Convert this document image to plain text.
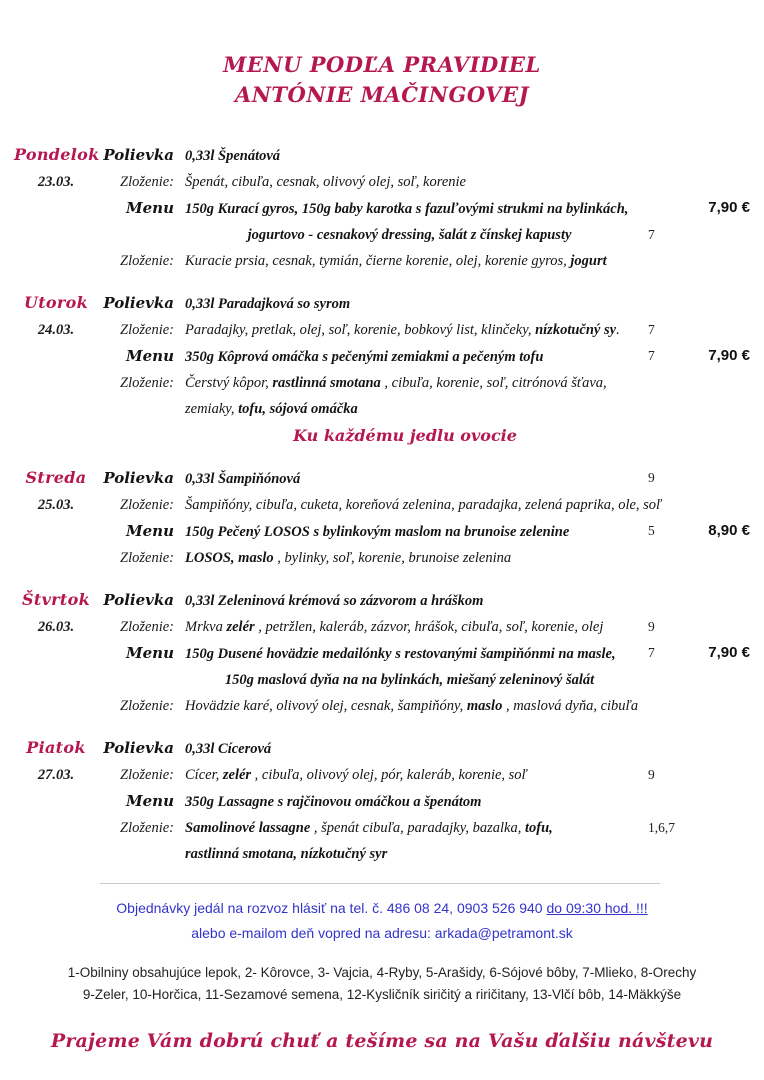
MENU PODĽA PRAVIDIEL
ANTÓNIE MAČINGOVEJ
Pondelok Polievka 0,33l Špenátová
23.03.	Zloženie: Špenát, cibuľa, cesnak, olivový olej, soľ, korenie
Menu 150g Kurací gyros, 150g baby karotka s fazuľovými strukmi na bylinkách,	7,90 €
jogurtovo - cesnakový dressing, šalát z čínskej kapusty	7
Zloženie: Kuracie prsia, cesnak, tymián, čierne korenie, olej, korenie gyros, jogurt
Utorok	Polievka 0,33l Paradajková so syrom
24.03.	Zloženie: Paradajky, pretlak, olej, soľ, korenie, bobkový list, klinčeky, nízkotučný sy.	7
Menu 350g Kôprová omáčka s pečenými zemiakmi a pečeným tofu	7	7,90 €
Zloženie: Čerstvý kôpor, rastlinná smotana , cibuľa, korenie, soľ, citrónová šťava,
zemiaky, tofu, sójová omáčka
Ku každému jedlu ovocie
Streda	Polievka 0,33l Šampiňónová	9
25.03.	Zloženie: Šampiňóny, cibuľa, cuketa, koreňová zelenina, paradajka, zelená paprika, ole, soľ
Menu 150g Pečený LOSOS s bylinkovým maslom na brunoise zelenine	5	8,90 €
Zloženie: LOSOS, maslo , bylinky, soľ, korenie, brunoise zelenina
Štvrtok Polievka 0,33l Zeleninová krémová so zázvorom a hráškom
26.03.	Zloženie: Mrkva zelér , petržlen, kaleráb, zázvor, hrášok, cibuľa, soľ, korenie, olej	9
Menu 150g Dusené hovädzie medailónky s restovanými šampiňónmi na masle,	7	7,90 €
150g maslová dyňa na na bylinkách, miešaný zeleninový šalát
Zloženie: Hovädzie karé, olivový olej, cesnak, šampiňóny, maslo , maslová dyňa, cibuľa
Piatok	Polievka 0,33l Cícerová
27.03.	Zloženie: Cícer, zelér , cibuľa, olivový olej, pór, kaleráb, korenie, soľ	9
Menu 350g Lassagne s rajčinovou omáčkou a špenátom
Zloženie: Samolinové lassagne , špenát cibuľa, paradajky, bazalka, tofu,	1,6,7
rastlinná smotana, nízkotučný syr
Objednávky jedál na rozvoz hlásiť na tel. č. 486 08 24, 0903 526 940 do 09:30 hod. !!!
alebo e-mailom deň vopred na adresu: arkada@petramont.sk
1-Obilniny obsahujúce lepok, 2- Kôrovce, 3- Vajcia, 4-Ryby, 5-Arašidy, 6-Sójové bôby, 7-Mlieko, 8-Orechy
9-Zeler, 10-Horčica, 11-Sezamové semena, 12-Kysličník siričitý a riričitany, 13-Vlčí bôb, 14-Mäkkýše
Prajeme Vám dobrú chuť a tešíme sa na Vašu ďalšiu návštevu
